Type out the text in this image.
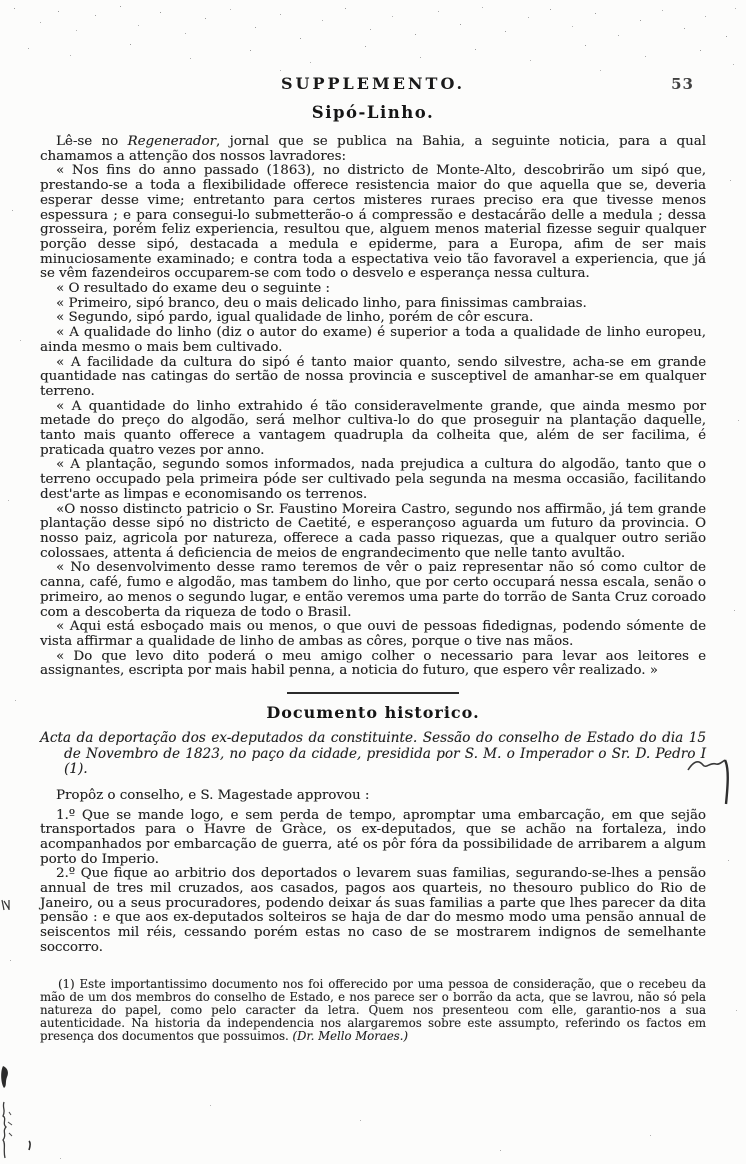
SUPPLEMENTO.	53
Sipó-Linho.

Lê-se no Regenerador, jornal que se publica na Bahia, a seguinte noticia, para a qual chamamos a attenção dos nossos lavradores:

« Nos fins do anno passado (1863), no districto de Monte-Alto, descobrirão um sipó que, prestando-se a toda a flexibilidade offerece resistencia maior do que aquella que se, deveria esperar desse vime; entretanto para certos misteres ruraes preciso era que tivesse menos espessura ; e para consegui-lo submetterão-o á compressão e destacárão delle a medula ; dessa grosseira, porém feliz experiencia, resultou que, alguem menos material fizesse seguir qualquer porção desse sipó, destacada a medula e epiderme, para a Europa, afim de ser mais minuciosamente examinado; e contra toda a espectativa veio tão favoravel a experiencia, que já se vêm fazendeiros occuparem-se com todo o desvelo e esperança nessa cultura.

« O resultado do exame deu o seguinte :

« Primeiro, sipó branco, deu o mais delicado linho, para finissimas cambraias.

« Segundo, sipó pardo, igual qualidade de linho, porém de côr escura.

« A qualidade do linho (diz o autor do exame) é superior a toda a qualidade de linho europeu, ainda mesmo o mais bem cultivado.

« A facilidade da cultura do sipó é tanto maior quanto, sendo silvestre, acha-se em grande quantidade nas catingas do sertão de nossa provincia e susceptivel de amanhar-se em qualquer terreno.

« A quantidade do linho extrahido é tão consideravelmente grande, que ainda mesmo por metade do preço do algodão, será melhor cultiva-lo do que proseguir na plantação daquelle, tanto mais quanto offerece a vantagem quadrupla da colheita que, além de ser facilima, é praticada quatro vezes por anno.

« A plantação, segundo somos informados, nada prejudica a cultura do algodão, tanto que o terreno occupado pela primeira póde ser cultivado pela segunda na mesma occasião, facilitando dest'arte as limpas e economisando os terrenos.

«O nosso distincto patricio o Sr. Faustino Moreira Castro, segundo nos affirmão, já tem grande plantação desse sipó no districto de Caetité, e esperançoso aguarda um futuro da provincia. O nosso paiz, agricola por natureza, offerece a cada passo riquezas, que a qualquer outro serião colossaes, attenta á deficiencia de meios de engrandecimento que nelle tanto avultão.

« No desenvolvimento desse ramo teremos de vêr o paiz representar não só como cultor de canna, café, fumo e algodão, mas tambem do linho, que por certo occupará nessa escala, senão o primeiro, ao menos o segundo lugar, e então veremos uma parte do torrão de Santa Cruz coroado com a descoberta da riqueza de todo o Brasil.

« Aqui está esboçado mais ou menos, o que ouvi de pessoas fidedignas, podendo sómente de vista affirmar a qualidade de linho de ambas as côres, porque o tive nas mãos.

« Do que levo dito poderá o meu amigo colher o necessario para levar aos leitores e assignantes, escripta por mais habil penna, a noticia do futuro, que espero vêr realizado. »

Documento historico.

Acta da deportação dos ex-deputados da constituinte. Sessão do conselho de Estado do dia 15 de Novembro de 1823, no paço da cidade, presidida por S. M. o Imperador o Sr. D. Pedro I (1).

Propôz o conselho, e S. Magestade approvou :

1.º Que se mande logo, e sem perda de tempo, apromptar uma embarcação, em que sejão transportados para o Havre de Gràce, os ex-deputados, que se achão na fortaleza, indo acompanhados por embarcação de guerra, até os pôr fóra da possibilidade de arribarem a algum porto do Imperio.

2.º Que fique ao arbitrio dos deportados o levarem suas familias, segurando-se-lhes a pensão annual de tres mil cruzados, aos casados, pagos aos quarteis, no thesouro publico do Rio de Janeiro, ou a seus procuradores, podendo deixar ás suas familias a parte que lhes parecer da dita pensão : e que aos ex-deputados solteiros se haja de dar do mesmo modo uma pensão annual de seiscentos mil réis, cessando porém estas no caso de se mostrarem indignos de semelhante soccorro.

(1) Este importantissimo documento nos foi offerecido por uma pessoa de consideração, que o recebeu da mão de um dos membros do conselho de Estado, e nos parece ser o borrão da acta, que se lavrou, não só pela natureza do papel, como pelo caracter da letra. Quem nos presenteou com elle, garantio-nos a sua autenticidade. Na historia da independencia nos alargaremos sobre este assumpto, referindo os factos em presença dos documentos que possuimos. (Dr. Mello Moraes.)
